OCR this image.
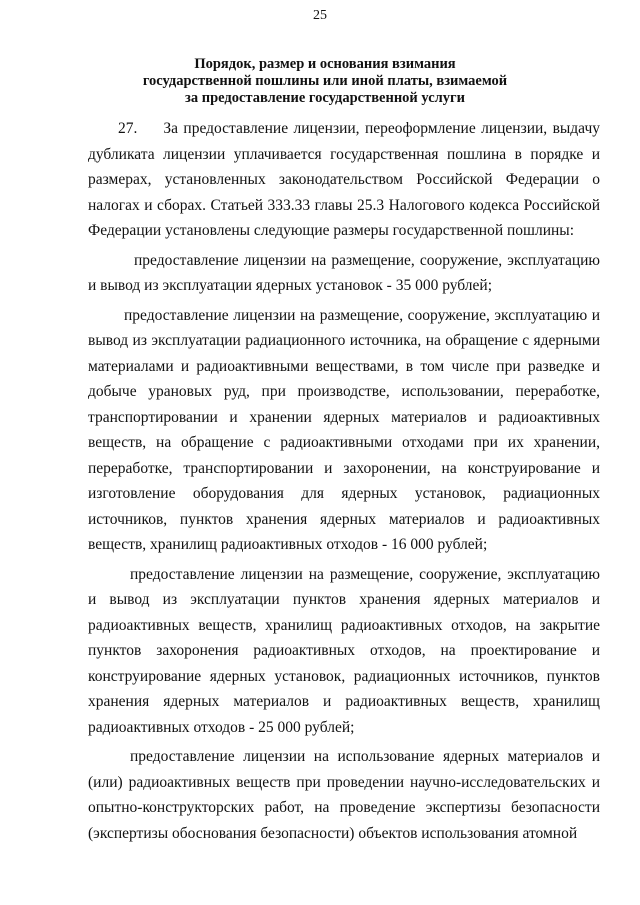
25
Порядок, размер и основания взимания
государственной пошлины или иной платы, взимаемой
за предоставление государственной услуги

27. За предоставление лицензии, переоформление лицензии, выдачу дубликата лицензии уплачивается государственная пошлина в порядке и размерах, установленных законодательством Российской Федерации о налогах и сборах. Статьей 333.33 главы 25.3 Налогового кодекса Российской Федерации установлены следующие размеры государственной пошлины:

предоставление лицензии на размещение, сооружение, эксплуатацию и вывод из эксплуатации ядерных установок - 35 000 рублей;

предоставление лицензии на размещение, сооружение, эксплуатацию и вывод из эксплуатации радиационного источника, на обращение с ядерными материалами и радиоактивными веществами, в том числе при разведке и добыче урановых руд, при производстве, использовании, переработке, транспортировании и хранении ядерных материалов и радиоактивных веществ, на обращение с радиоактивными отходами при их хранении, переработке, транспортировании и захоронении, на конструирование и изготовление оборудования для ядерных установок, радиационных источников, пунктов хранения ядерных материалов и радиоактивных веществ, хранилищ радиоактивных отходов - 16 000 рублей;

предоставление лицензии на размещение, сооружение, эксплуатацию и вывод из эксплуатации пунктов хранения ядерных материалов и радиоактивных веществ, хранилищ радиоактивных отходов, на закрытие пунктов захоронения радиоактивных отходов, на проектирование и конструирование ядерных установок, радиационных источников, пунктов хранения ядерных материалов и радиоактивных веществ, хранилищ радиоактивных отходов - 25 000 рублей;

предоставление лицензии на использование ядерных материалов и (или) радиоактивных веществ при проведении научно-исследовательских и опытно-конструкторских работ, на проведение экспертизы безопасности (экспертизы обоснования безопасности) объектов использования атомной
